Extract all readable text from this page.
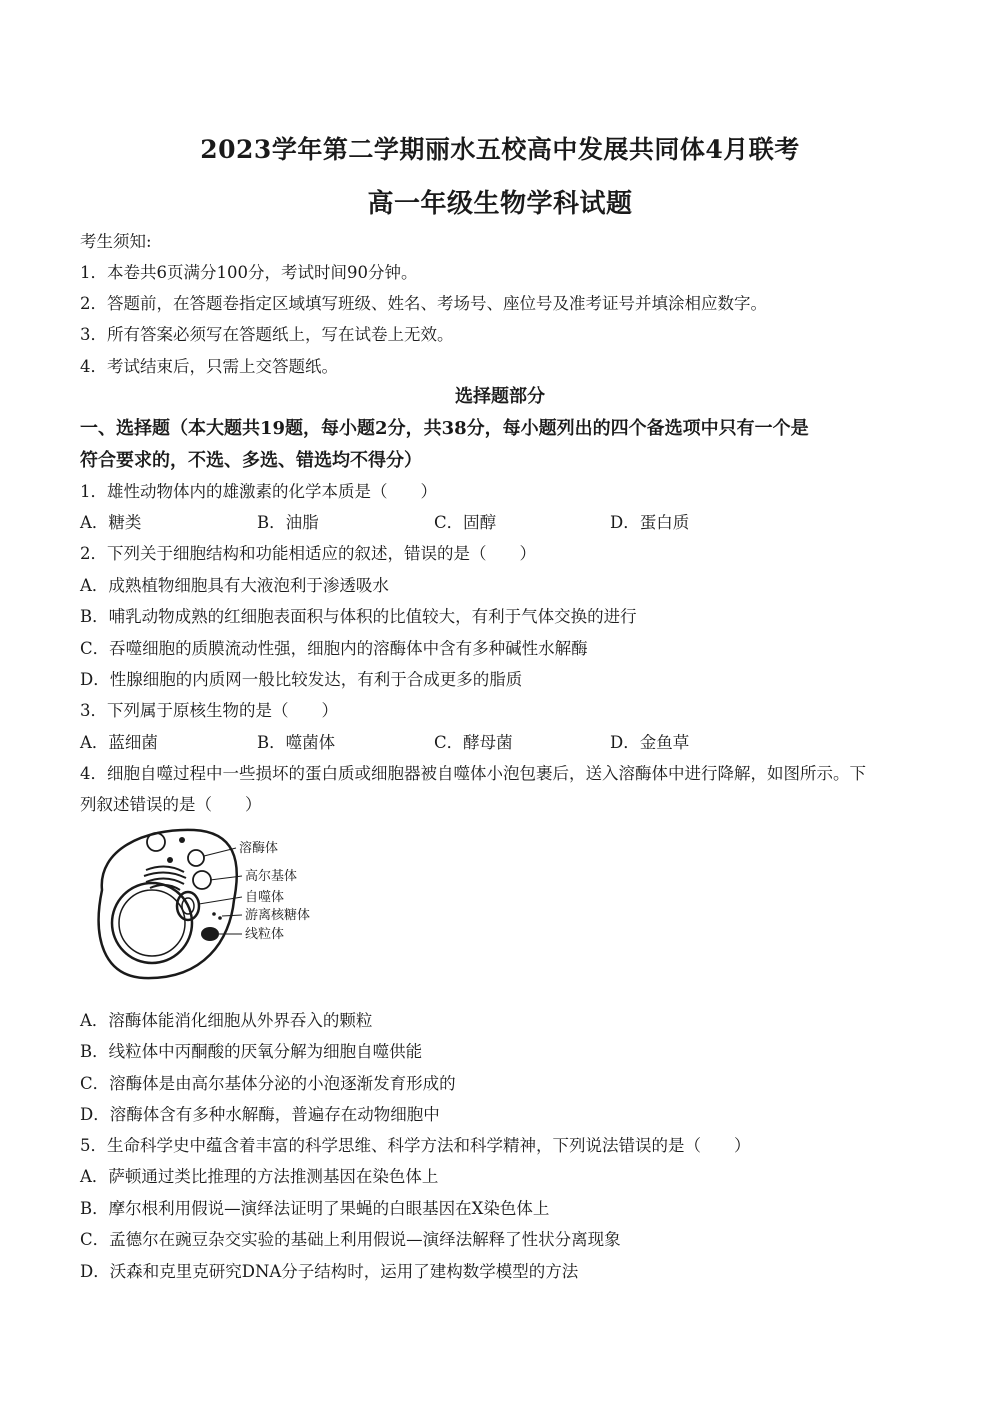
2023学年第二学期丽水五校高中发展共同体4月联考
高一年级生物学科试题
考生须知:
1．本卷共6页满分100分，考试时间90分钟。
2．答题前，在答题卷指定区域填写班级、姓名、考场号、座位号及准考证号并填涂相应数字。
3．所有答案必须写在答题纸上，写在试卷上无效。
4．考试结束后，只需上交答题纸。
选择题部分
一、选择题（本大题共19题，每小题2分，共38分，每小题列出的四个备选项中只有一个是
符合要求的，不选、多选、错选均不得分）
1．雄性动物体内的雄激素的化学本质是（　　）
A．糖类	B．油脂	C．固醇	D．蛋白质
2．下列关于细胞结构和功能相适应的叙述，错误的是（　　）
A．成熟植物细胞具有大液泡利于渗透吸水
B．哺乳动物成熟的红细胞表面积与体积的比值较大，有利于气体交换的进行
C．吞噬细胞的质膜流动性强，细胞内的溶酶体中含有多种碱性水解酶
D．性腺细胞的内质网一般比较发达，有利于合成更多的脂质
3．下列属于原核生物的是（　　）
A．蓝细菌	B．噬菌体	C．酵母菌	D．金鱼草
4．细胞自噬过程中一些损坏的蛋白质或细胞器被自噬体小泡包裹后，送入溶酶体中进行降解，如图所示。下
列叙述错误的是（　　）
溶酶体
高尔基体
自噬体
游离核糖体
线粒体
A．溶酶体能消化细胞从外界吞入的颗粒
B．线粒体中丙酮酸的厌氧分解为细胞自噬供能
C．溶酶体是由高尔基体分泌的小泡逐渐发育形成的
D．溶酶体含有多种水解酶，普遍存在动物细胞中
5．生命科学史中蕴含着丰富的科学思维、科学方法和科学精神，下列说法错误的是（　　）
A．萨顿通过类比推理的方法推测基因在染色体上
B．摩尔根利用假说—演绎法证明了果蝇的白眼基因在X染色体上
C．孟德尔在豌豆杂交实验的基础上利用假说—演绎法解释了性状分离现象
D．沃森和克里克研究DNA分子结构时，运用了建构数学模型的方法
